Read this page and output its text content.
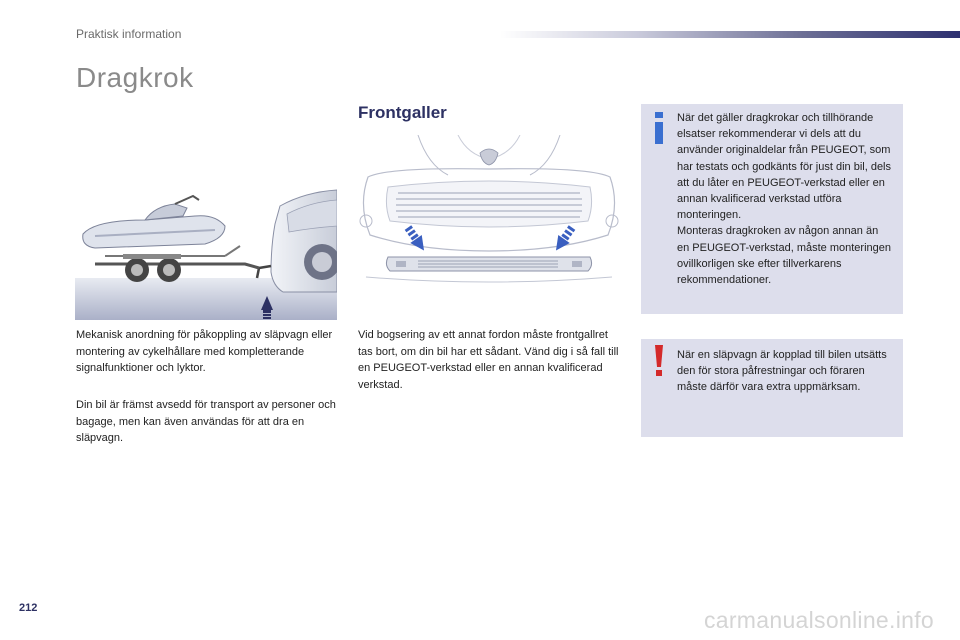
Praktisk information
Dragkrok
Mekanisk anordning för påkoppling av släpvagn eller montering av cykelhållare med kompletterande signalfunktioner och lyktor.
Din bil är främst avsedd för transport av personer och bagage, men kan även användas för att dra en släpvagn.
Frontgaller
Vid bogsering av ett annat fordon måste frontgallret tas bort, om din bil har ett sådant. Vänd dig i så fall till en PEUGEOT-verkstad eller en annan kvalificerad verkstad.
När det gäller dragkrokar och tillhörande elsatser rekommenderar vi dels att du använder originaldelar från PEUGEOT, som har testats och godkänts för just din bil, dels att du låter en PEUGEOT-verkstad eller en annan kvalificerad verkstad utföra monteringen.
Monteras dragkroken av någon annan än en PEUGEOT-verkstad, måste monteringen ovillkorligen ske efter tillverkarens rekommendationer.
När en släpvagn är kopplad till bilen utsätts den för stora påfrestningar och föraren måste därför vara extra uppmärksam.
212	carmanualsonline.info
